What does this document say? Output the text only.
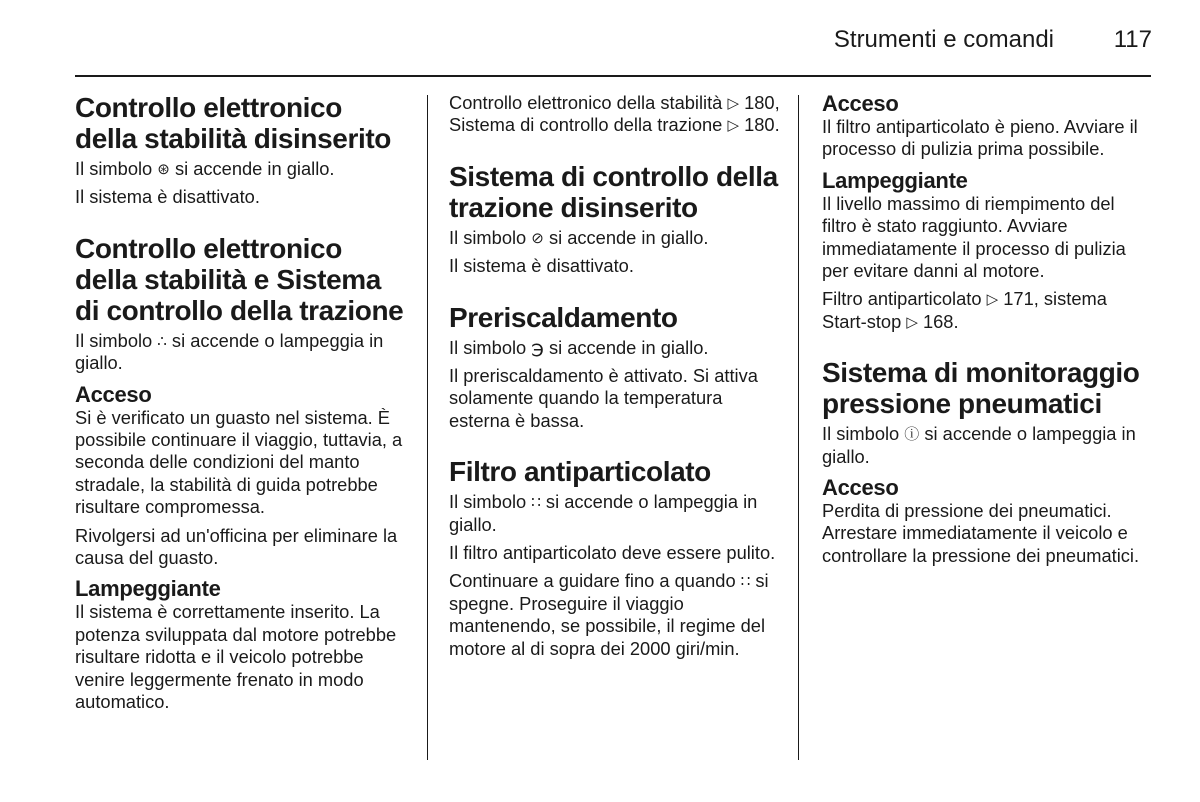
Strumenti e comandi 117
Controllo elettronico della stabilità disinserito

Il simbolo ⊛ si accende in giallo.

Il sistema è disattivato.

Controllo elettronico della stabilità e Sistema di controllo della trazione

Il simbolo ∴ si accende o lampeggia in giallo.

Acceso

Si è verificato un guasto nel sistema. È possibile continuare il viaggio, tuttavia, a seconda delle condizioni del manto stradale, la stabilità di guida potrebbe risultare compromessa.

Rivolgersi ad un'officina per eliminare la causa del guasto.

Lampeggiante

Il sistema è correttamente inserito. La potenza sviluppata dal motore potrebbe risultare ridotta e il veicolo potrebbe venire leggermente frenato in modo automatico.

Controllo elettronico della stabilità ▷ 180, Sistema di controllo della trazione ▷ 180.

Sistema di controllo della trazione disinserito

Il simbolo ⊘ si accende in giallo.

Il sistema è disattivato.

Preriscaldamento

Il simbolo ℈ si accende in giallo.

Il preriscaldamento è attivato. Si attiva solamente quando la temperatura esterna è bassa.

Filtro antiparticolato

Il simbolo ∷ si accende o lampeggia in giallo.

Il filtro antiparticolato deve essere pulito.

Continuare a guidare fino a quando ∷ si spegne. Proseguire il viaggio mantenendo, se possibile, il regime del motore al di sopra dei 2000 giri/min.

Acceso

Il filtro antiparticolato è pieno. Avviare il processo di pulizia prima possibile.

Lampeggiante

Il livello massimo di riempimento del filtro è stato raggiunto. Avviare immediatamente il processo di pulizia per evitare danni al motore.

Filtro antiparticolato ▷ 171, sistema Start-stop ▷ 168.

Sistema di monitoraggio pressione pneumatici

Il simbolo ⓘ si accende o lampeggia in giallo.

Acceso

Perdita di pressione dei pneumatici. Arrestare immediatamente il veicolo e controllare la pressione dei pneumatici.
